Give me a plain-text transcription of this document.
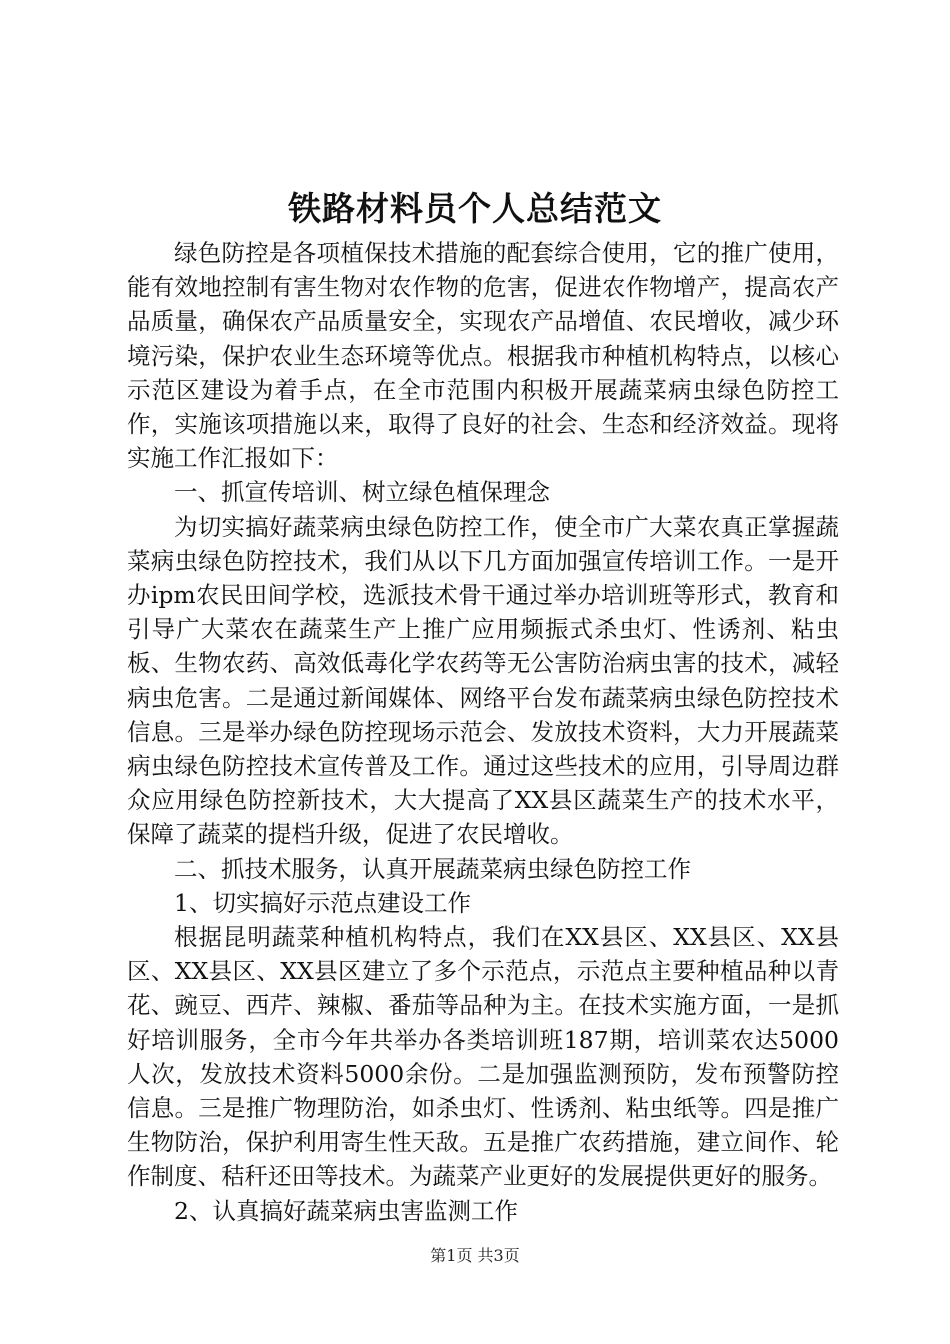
铁路材料员个人总结范文

绿色防控是各项植保技术措施的配套综合使用，它的推广使用，能有效地控制有害生物对农作物的危害，促进农作物增产，提高农产品质量，确保农产品质量安全，实现农产品增值、农民增收，减少环境污染，保护农业生态环境等优点。根据我市种植机构特点，以核心示范区建设为着手点，在全市范围内积极开展蔬菜病虫绿色防控工作，实施该项措施以来，取得了良好的社会、生态和经济效益。现将实施工作汇报如下：

一、抓宣传培训、树立绿色植保理念

为切实搞好蔬菜病虫绿色防控工作，使全市广大菜农真正掌握蔬菜病虫绿色防控技术，我们从以下几方面加强宣传培训工作。一是开办ipm农民田间学校，选派技术骨干通过举办培训班等形式，教育和引导广大菜农在蔬菜生产上推广应用频振式杀虫灯、性诱剂、粘虫板、生物农药、高效低毒化学农药等无公害防治病虫害的技术，减轻病虫危害。二是通过新闻媒体、网络平台发布蔬菜病虫绿色防控技术信息。三是举办绿色防控现场示范会、发放技术资料，大力开展蔬菜病虫绿色防控技术宣传普及工作。通过这些技术的应用，引导周边群众应用绿色防控新技术，大大提高了XX县区蔬菜生产的技术水平，保障了蔬菜的提档升级，促进了农民增收。

二、抓技术服务，认真开展蔬菜病虫绿色防控工作

1、切实搞好示范点建设工作

根据昆明蔬菜种植机构特点，我们在XX县区、XX县区、XX县区、XX县区、XX县区建立了多个示范点，示范点主要种植品种以青花、豌豆、西芹、辣椒、番茄等品种为主。在技术实施方面，一是抓好培训服务，全市今年共举办各类培训班187期，培训菜农达5000人次，发放技术资料5000余份。二是加强监测预防，发布预警防控信息。三是推广物理防治，如杀虫灯、性诱剂、粘虫纸等。四是推广生物防治，保护利用寄生性天敌。五是推广农药措施，建立间作、轮作制度、秸秆还田等技术。为蔬菜产业更好的发展提供更好的服务。

2、认真搞好蔬菜病虫害监测工作

第1页 共3页
